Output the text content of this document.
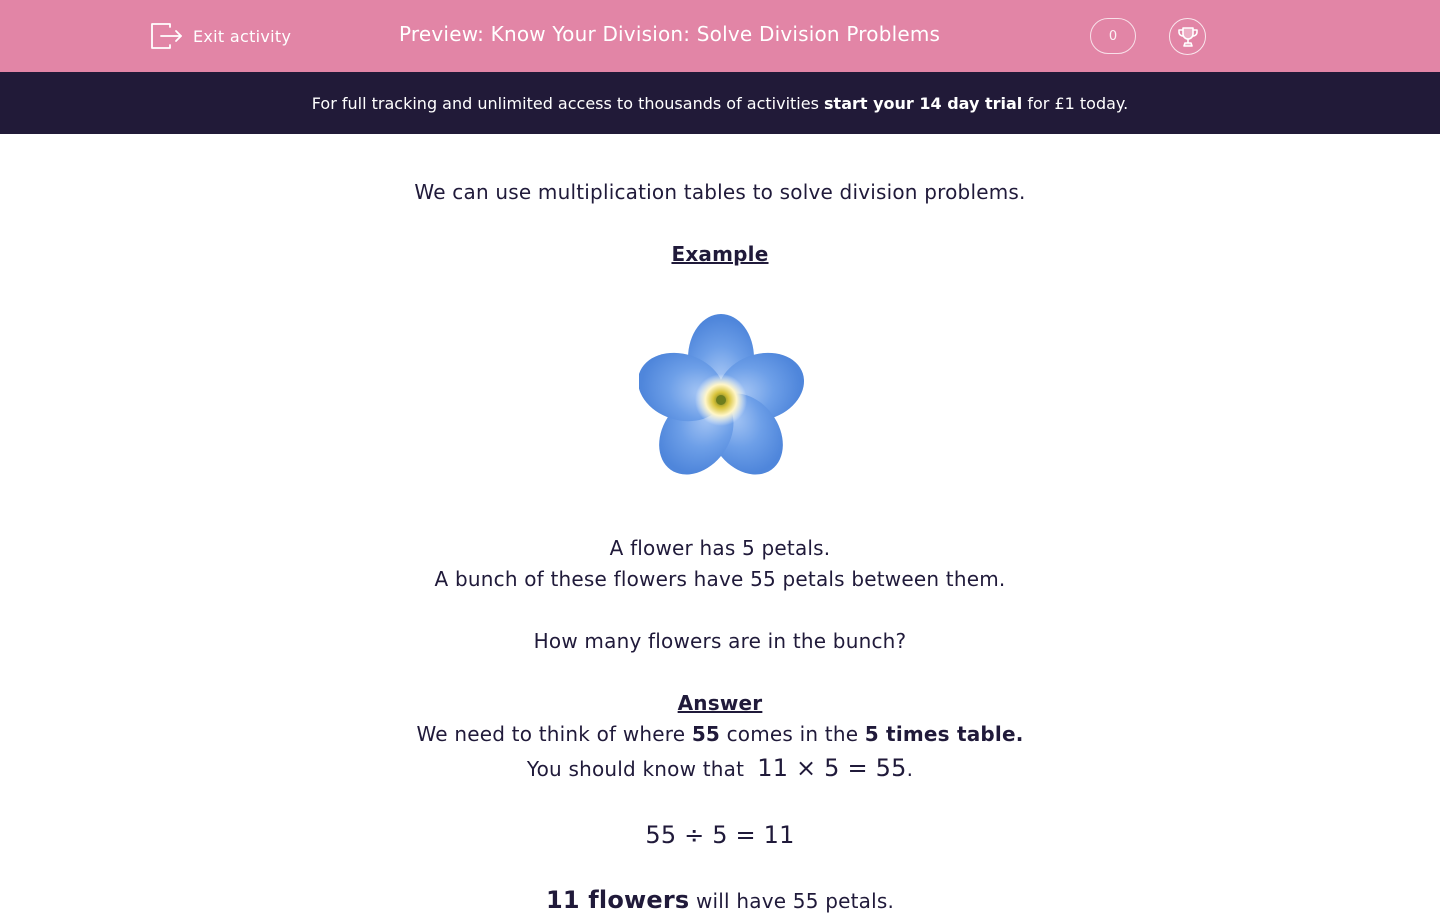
Exit activity	Preview: Know Your Division: Solve Division Problems	0
For full tracking and unlimited access to thousands of activities start your 14 day trial for £1 today.
We can use multiplication tables to solve division problems.
Example
A flower has 5 petals.
A bunch of these flowers have 55 petals between them.
How many flowers are in the bunch?
Answer
We need to think of where 55 comes in the 5 times table.
You should know that  11 × 5 = 55.
55 ÷ 5 = 11
11 flowers will have 55 petals.
